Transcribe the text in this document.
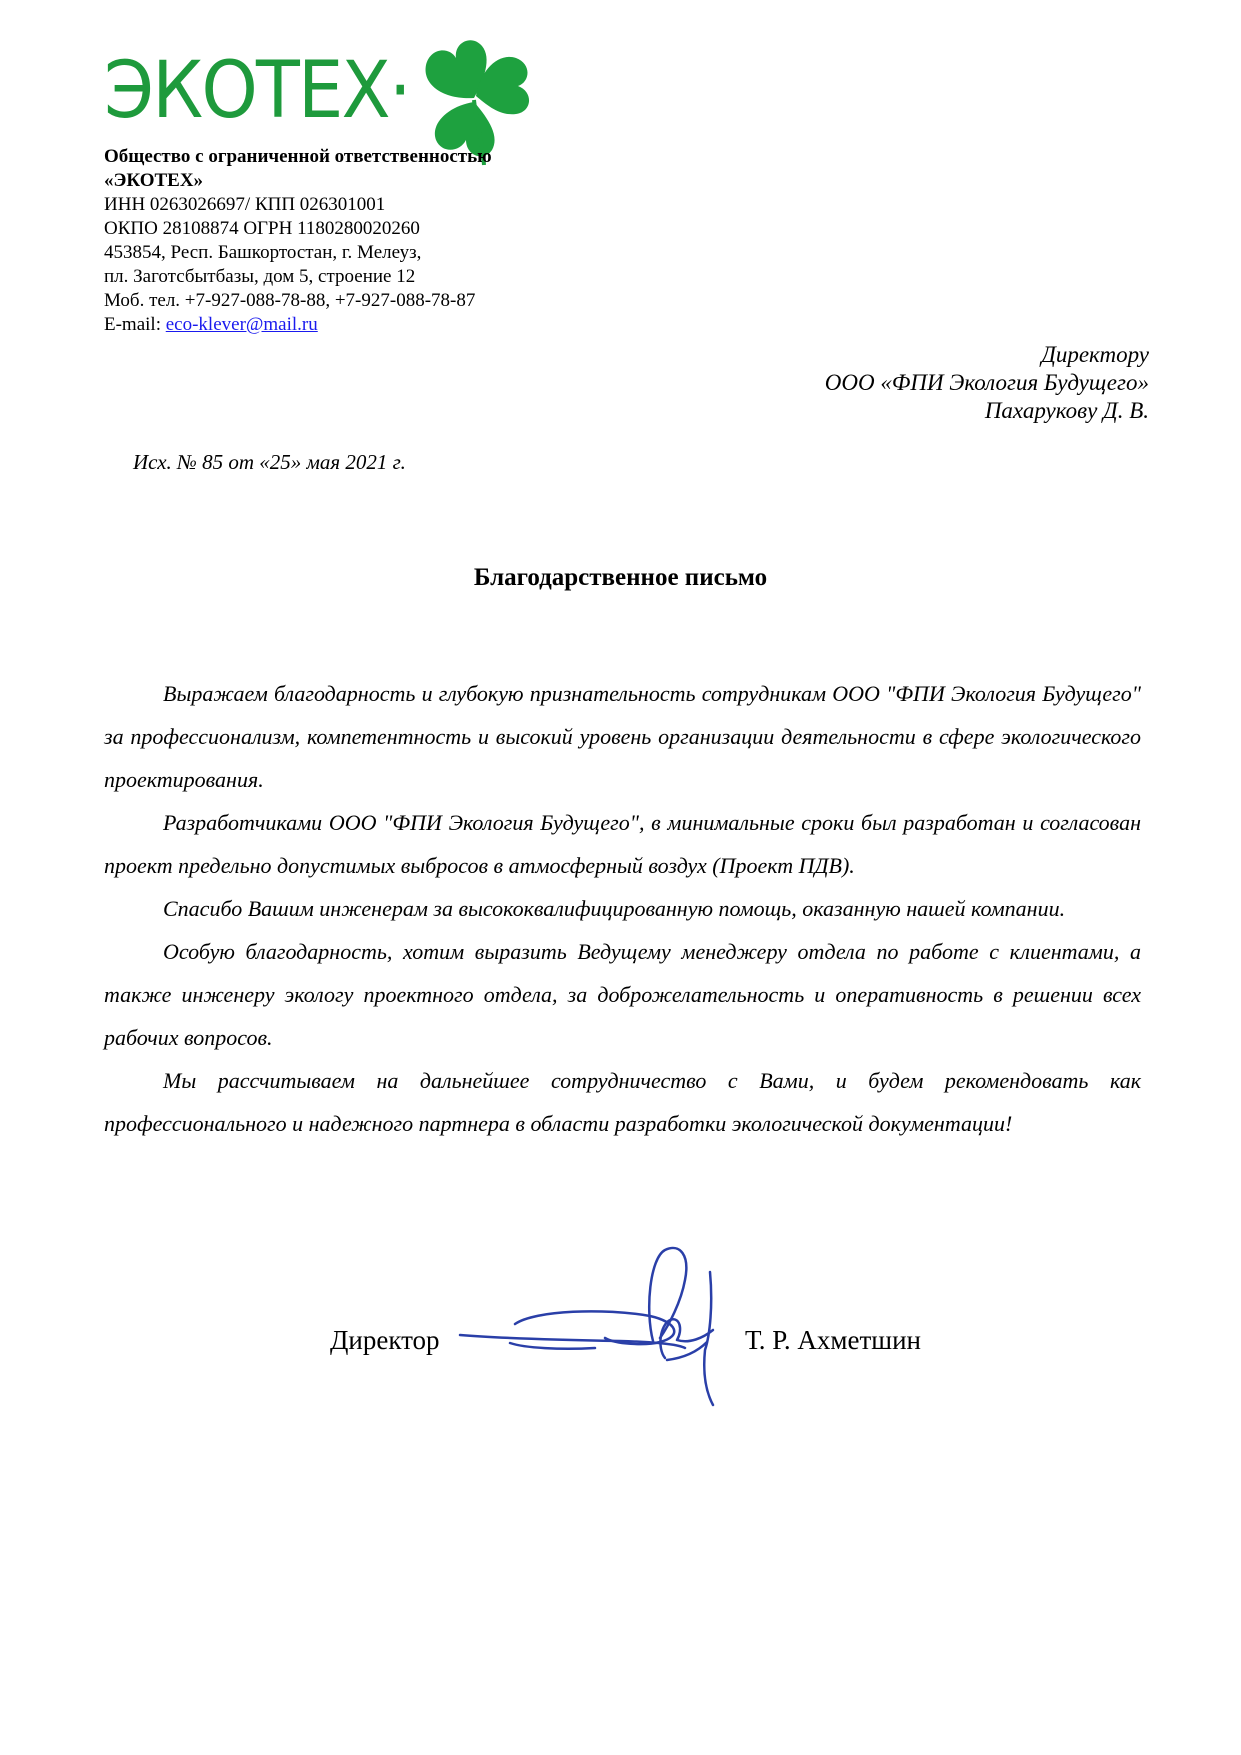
ЭКОТЕХ·
Общество с ограниченной ответственностью
«ЭКОТЕХ»
ИНН 0263026697/ КПП 026301001
ОКПО 28108874 ОГРН 1180280020260
453854, Респ. Башкортостан, г. Мелеуз,
пл. Заготсбытбазы, дом 5, строение 12
Моб. тел. +7-927-088-78-88, +7-927-088-78-87
E-mail: eco-klever@mail.ru
Директору
ООО «ФПИ Экология Будущего»
Пахарукову Д. В.
Исх. № 85 от «25» мая 2021 г.
Благодарственное письмо

Выражаем благодарность и глубокую признательность сотрудникам ООО "ФПИ Экология Будущего" за профессионализм, компетентность и высокий уровень организации деятельности в сфере экологического проектирования.

Разработчиками ООО "ФПИ Экология Будущего", в минимальные сроки был разработан и согласован проект предельно допустимых выбросов в атмосферный воздух (Проект ПДВ).

Спасибо Вашим инженерам за высококвалифицированную помощь, оказанную нашей компании.

Особую благодарность, хотим выразить Ведущему менеджеру отдела по работе с клиентами, а также инженеру экологу проектного отдела, за доброжелательность и оперативность в решении всех рабочих вопросов.

Мы рассчитываем на дальнейшее сотрудничество с Вами, и будем рекомендовать как профессионального и надежного партнера в области разработки экологической документации!

Директор	Т. Р. Ахметшин
